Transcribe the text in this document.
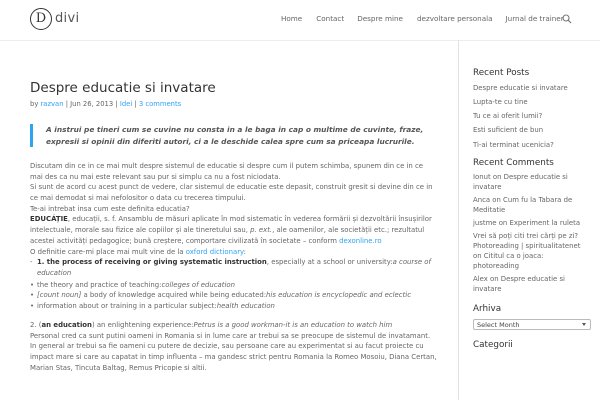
D divi	Home Contact Despre mine dezvoltare personala Jurnal de trainer
Despre educatie si invatare
by razvan | Jun 26, 2013 | Idei | 3 comments
A instrui pe tineri cum se cuvine nu consta in a le baga in cap o multime de cuvinte, fraze, expresii si opinii din diferiti autori, ci a le deschide calea spre cum sa priceapa lucrurile.

Discutam din ce in ce mai mult despre sistemul de educatie si despre cum il putem schimba, spunem din ce in ce mai des ca nu mai este relevant sau pur si simplu ca nu a fost niciodata.

Si sunt de acord cu acest punct de vedere, clar sistemul de educatie este depasit, construit gresit si devine din ce in ce mai demodat si mai nefolositor o data cu trecerea timpului.

Te-ai intrebat insa cum este definita educatia?

EDUCÁȚIE, educații, s. f. Ansamblu de măsuri aplicate în mod sistematic în vederea formării și dezvoltării însușirilor intelectuale, morale sau fizice ale copiilor și ale tineretului sau, p. ext., ale oamenilor, ale societății etc.; rezultatul acestei activități pedagogice; bună creștere, comportare civilizată în societate – conform dexonline.ro

O definitie care-mi place mai mult vine de la oxford dictionary:

- 1. the process of receiving or giving systematic instruction, especially at a school or university:a course of education

• the theory and practice of teaching:colleges of education
• [count noun] a body of knowledge acquired while being educated:his education is encyclopedic and eclectic
• information about or training in a particular subject:health education

2. (an education) an enlightening experience:Petrus is a good workman-it is an education to watch him

Personal cred ca sunt putini oameni in Romania si in lume care ar trebui sa se preocupe de sistemul de invatamant. In general ar trebui sa fie oameni cu putere de decizie, sau persoane care au experimentat si au facut proiecte cu impact mare si care au capatat in timp influenta – ma gandesc strict pentru Romania la Romeo Mosoiu, Diana Certan, Marian Stas, Tincuta Baltag, Remus Pricopie si altii.

Recent Posts
Despre educatie si invatare
Lupta-te cu tine
Tu ce ai oferit lumii?
Esti suficient de bun
Ti-ai terminat ucenicia?
Recent Comments
Ionut on Despre educatie si invatare
Anca on Cum fu la Tabara de Meditatie
justme on Experiment la ruleta
Vrei să poți citi trei cărți pe zi? Photoreading | spiritualitatenet on Cititul ca o joaca: photoreading
Alex on Despre educatie si invatare
Arhiva
Select Month
Categorii
